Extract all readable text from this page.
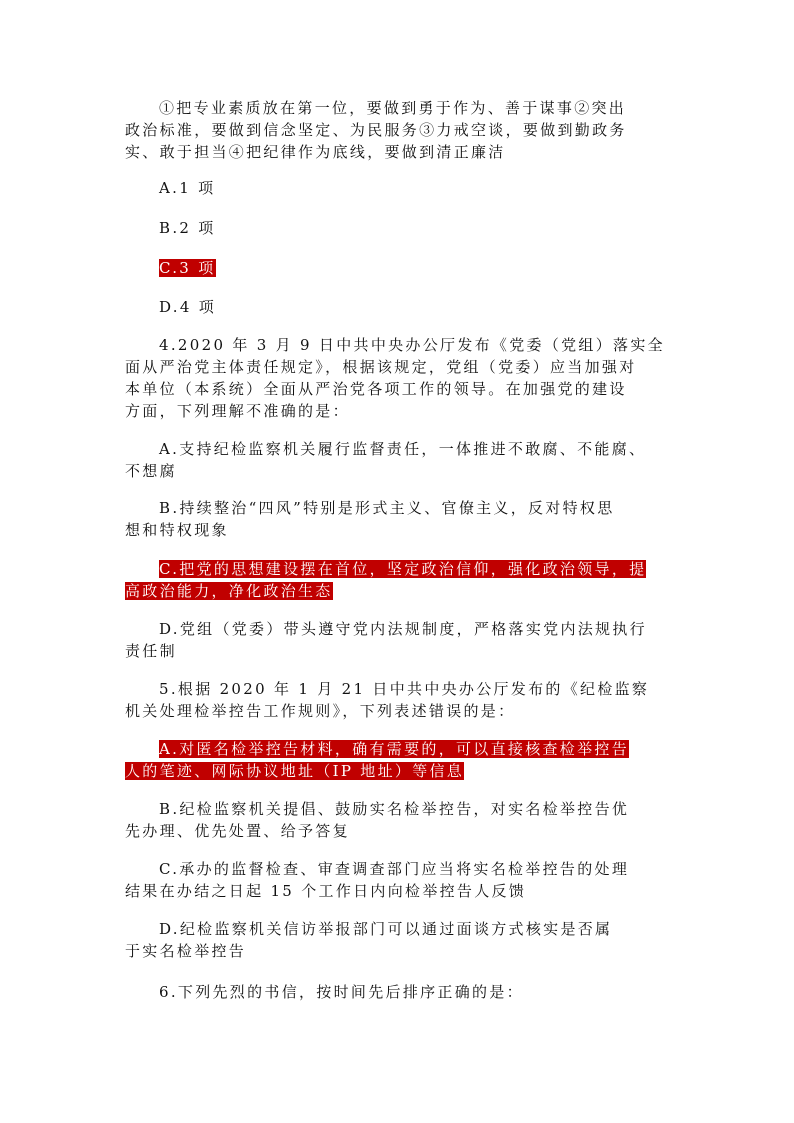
①把专业素质放在第一位，要做到勇于作为、善于谋事②突出
政治标准，要做到信念坚定、为民服务③力戒空谈，要做到勤政务
实、敢于担当④把纪律作为底线，要做到清正廉洁
A.1 项
B.2 项
C.3 项
D.4 项
4.2020 年 3 月 9 日中共中央办公厅发布《党委（党组）落实全
面从严治党主体责任规定》，根据该规定，党组（党委）应当加强对
本单位（本系统）全面从严治党各项工作的领导。在加强党的建设
方面，下列理解不准确的是：
A.支持纪检监察机关履行监督责任，一体推进不敢腐、不能腐、
不想腐
B.持续整治“四风”特别是形式主义、官僚主义，反对特权思
想和特权现象
C.把党的思想建设摆在首位，坚定政治信仰，强化政治领导，提
高政治能力，净化政治生态
D.党组（党委）带头遵守党内法规制度，严格落实党内法规执行
责任制
5.根据 2020 年 1 月 21 日中共中央办公厅发布的《纪检监察
机关处理检举控告工作规则》，下列表述错误的是：
A.对匿名检举控告材料，确有需要的，可以直接核查检举控告
人的笔迹、网际协议地址（IP 地址）等信息
B.纪检监察机关提倡、鼓励实名检举控告，对实名检举控告优
先办理、优先处置、给予答复
C.承办的监督检查、审查调查部门应当将实名检举控告的处理
结果在办结之日起 15 个工作日内向检举控告人反馈
D.纪检监察机关信访举报部门可以通过面谈方式核实是否属
于实名检举控告
6.下列先烈的书信，按时间先后排序正确的是：
